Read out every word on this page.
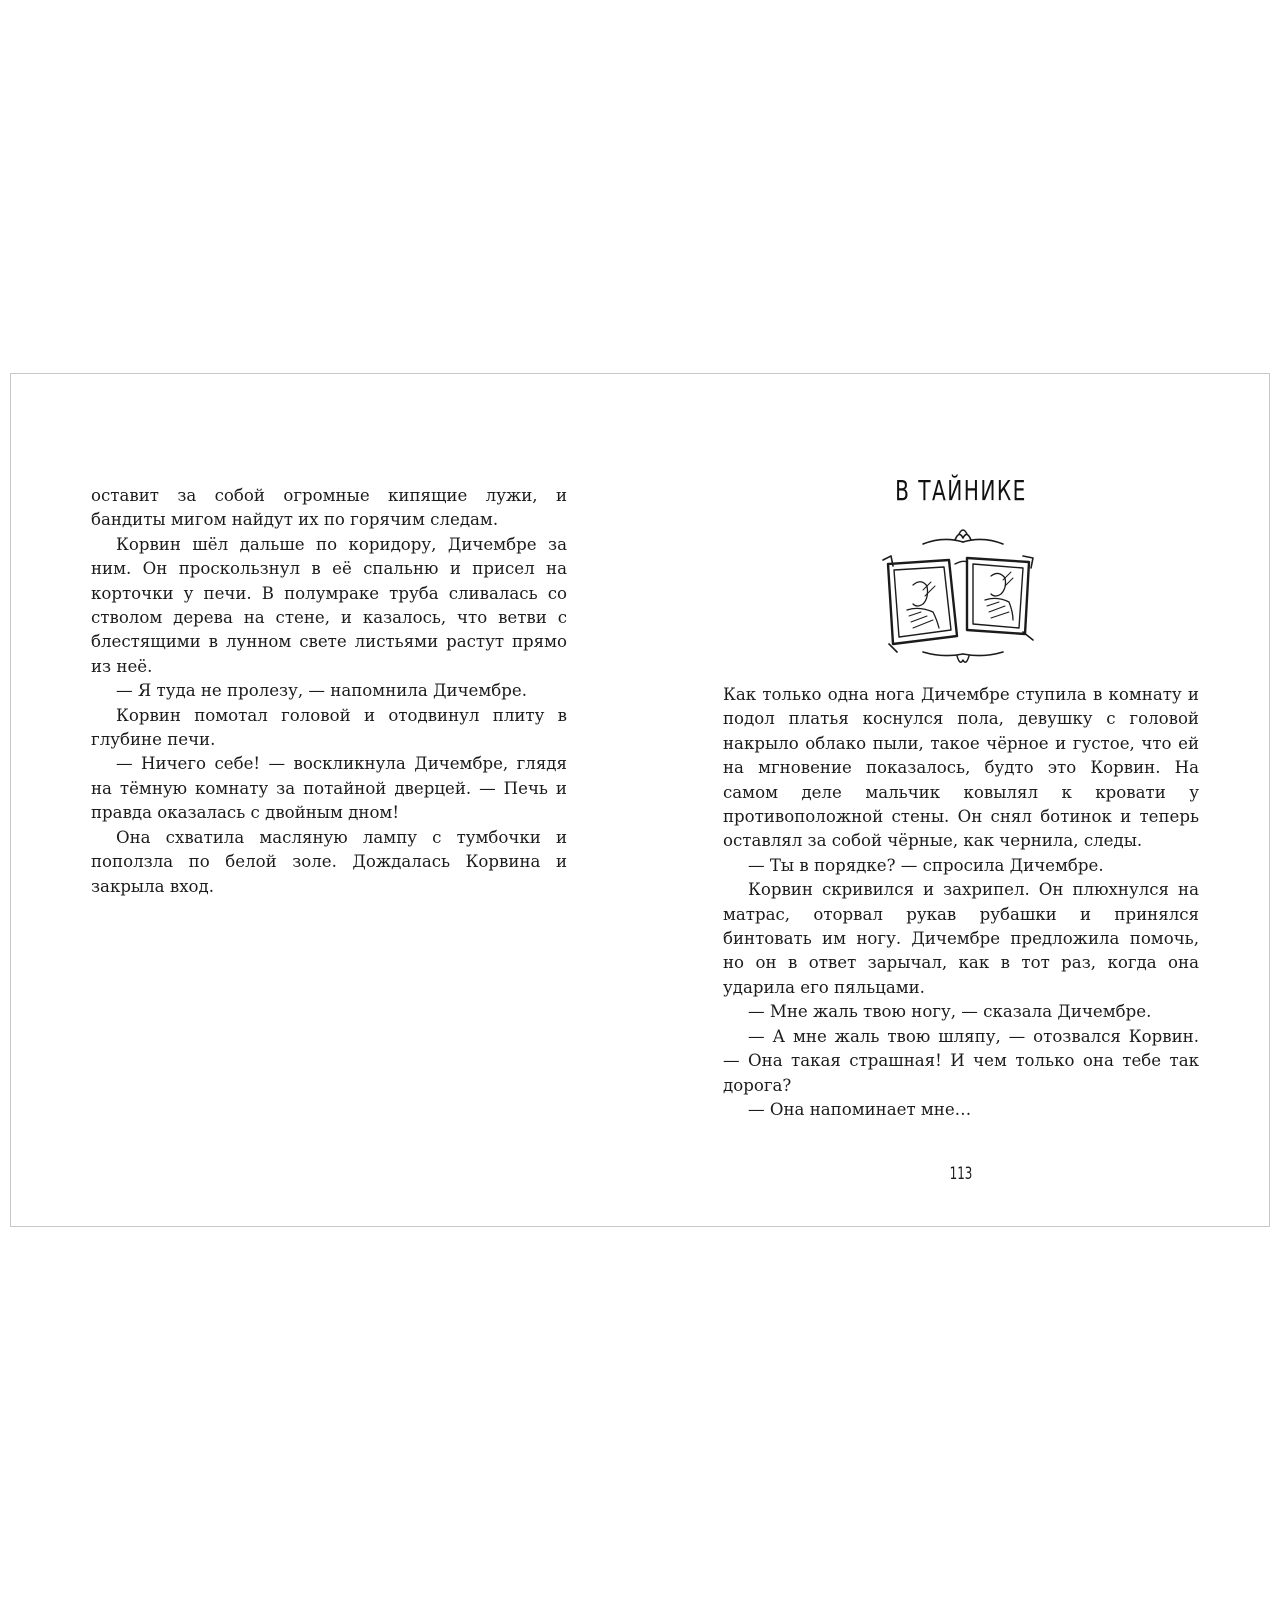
оставит за собой огромные кипящие лужи, и бандиты мигом найдут их по горячим следам.

Корвин шёл дальше по коридору, Дичембре за ним. Он проскользнул в её спальню и присел на корточки у печи. В полумраке труба сливалась со стволом дерева на стене, и казалось, что ветви с блестящими в лунном свете листьями растут прямо из неё.

— Я туда не пролезу, — напомнила Дичембре.

Корвин помотал головой и отодвинул плиту в глубине печи.

— Ничего себе! — воскликнула Дичембре, глядя на тёмную комнату за потайной дверцей. — Печь и правда оказалась с двойным дном!

Она схватила масляную лампу с тумбочки и поползла по белой золе. Дождалась Корвина и закрыла вход.

В ТАЙНИКЕ

Как только одна нога Дичембре ступила в комнату и подол платья коснулся пола, девушку с головой накрыло облако пыли, такое чёрное и густое, что ей на мгновение показалось, будто это Корвин. На самом деле мальчик ковылял к кровати у противоположной стены. Он снял ботинок и теперь оставлял за собой чёрные, как чернила, следы.

— Ты в порядке? — спросила Дичембре.

Корвин скривился и захрипел. Он плюхнулся на матрас, оторвал рукав рубашки и принялся бинтовать им ногу. Дичембре предложила помочь, но он в ответ зарычал, как в тот раз, когда она ударила его пяльцами.

— Мне жаль твою ногу, — сказала Дичембре.

— А мне жаль твою шляпу, — отозвался Корвин. — Она такая страшная! И чем только она тебе так дорога?

— Она напоминает мне…

113
